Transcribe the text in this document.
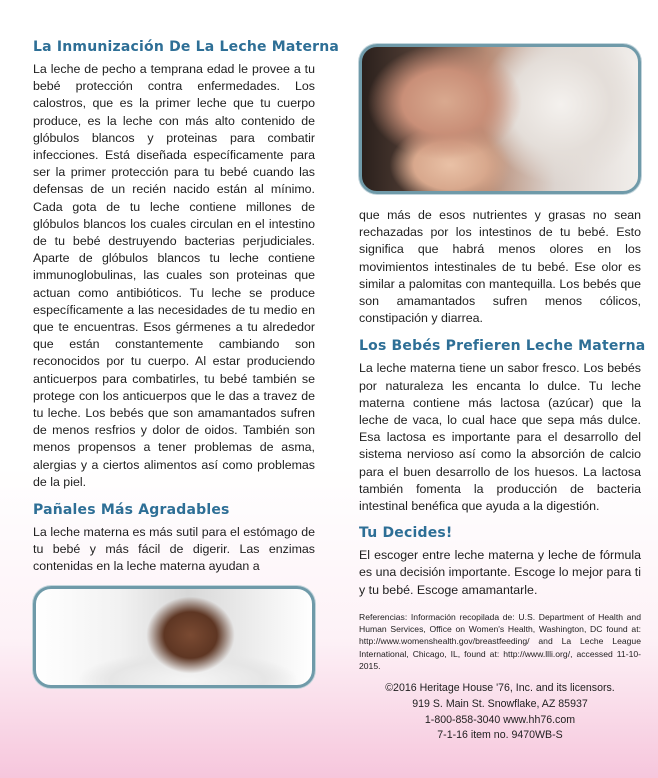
La Inmunización De La Leche Materna

La leche de pecho a temprana edad le provee a tu bebé protección contra enfermedades. Los calostros, que es la primer leche que tu cuerpo produce, es la leche con más alto contenido de glóbulos blancos y proteinas para combatir infecciones. Está diseñada específicamente para ser la primer protección para tu bebé cuando las defensas de un recién nacido están al mínimo. Cada gota de tu leche contiene millones de glóbulos blancos los cuales circulan en el intestino de tu bebé destruyendo bacterias perjudiciales. Aparte de glóbulos blancos tu leche contiene immunoglobulinas, las cuales son proteinas que actuan como antibióticos. Tu leche se produce específicamente a las necesidades de tu medio en que te encuentras. Esos gérmenes a tu alrededor que están constantemente cambiando son reconocidos por tu cuerpo. Al estar produciendo anticuerpos para combatirles, tu bebé también se protege con los anticuerpos que le das a travez de tu leche. Los bebés que son amamantados sufren de menos resfrios y dolor de oidos. También son menos propensos a tener problemas de asma, alergias y a ciertos alimentos así como problemas de la piel.

Pañales Más Agradables

La leche materna es más sutil para el estómago de tu bebé y más fácil de digerir. Las enzimas contenidas en la leche materna ayudan a

que más de esos nutrientes y grasas no sean rechazadas por los intestinos de tu bebé. Esto significa que habrá menos olores en los movimientos intestinales de tu bebé. Ese olor es similar a palomitas con mantequilla. Los bebés que son amamantados sufren menos cólicos, constipación y diarrea.

Los Bebés Prefieren Leche Materna

La leche materna tiene un sabor fresco. Los bebés por naturaleza les encanta lo dulce. Tu leche materna contiene más lactosa (azúcar) que la leche de vaca, lo cual hace que sepa más dulce. Esa lactosa es importante para el desarrollo del sistema nervioso así como la absorción de calcio para el buen desarrollo de los huesos. La lactosa también fomenta la producción de bacteria intestinal benéfica que ayuda a la digestión.

Tu Decides!

El escoger entre leche materna y leche de fórmula es una decisión importante. Escoge lo mejor para ti y tu bebé. Escoge amamantarle.

Referencias: Información recopilada de: U.S. Department of Health and Human Services, Office on Women's Health, Washington, DC found at: http://www.womenshealth.gov/breastfeeding/ and La Leche League International, Chicago, IL, found at: http://www.llli.org/, accessed 11-10-2015.

©2016 Heritage House '76, Inc. and its licensors.
919 S. Main St. Snowflake, AZ 85937
1-800-858-3040 www.hh76.com
7-1-16 item no. 9470WB-S
